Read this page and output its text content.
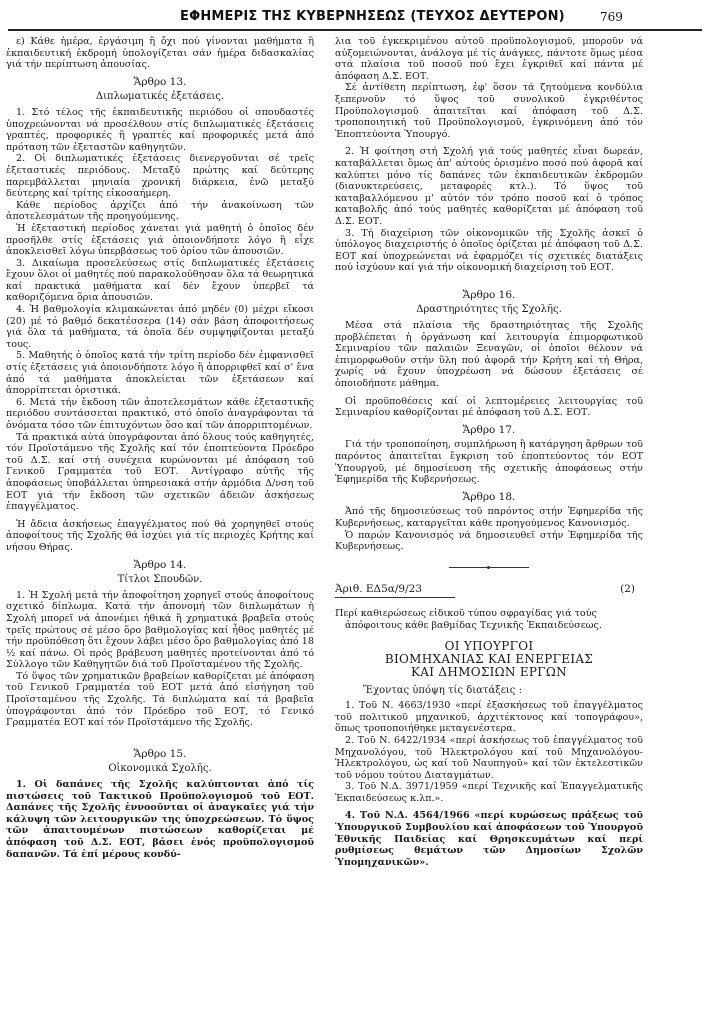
ΕΦΗΜΕΡΙΣ ΤΗΣ ΚΥΒΕΡΝΗΣΕΩΣ (ΤΕΥΧΟΣ ΔΕΥΤΕΡΟΝ)	769

ε) Κάθε ἡμέρα, ἐργάσιμη ἢ ὄχι πού γίνονται μαθήματα ἢ ἐκπαιδευτική ἐκδρομή ὑπολογίζεται σάν ἡμέρα διδασκαλίας γιά τήν περίπτωση ἀπουσίας.

Ἄρθρο 13.
Διπλωματικές ἐξετάσεις.

1. Στό τέλος τῆς ἐκπαιδευτικῆς περιόδου οἱ σπουδαστές ὑποχρεώνονται νά προσέλθουν στίς διπλωματικές ἐξετάσεις γραπτές, προφορικές ἢ γραπτές καί προφορικές μετά ἀπό πρόταση τῶν ἐξεταστῶν καθηγητῶν.

2. Οἱ διπλωματικές ἐξετάσεις διενεργοῦνται σέ τρεῖς ἐξεταστικές περιόδους. Μεταξύ πρώτης καί δεύτερης παρεμβάλλεται μηνιαία χρονική διάρκεια, ἐνῶ μεταξύ δεύτερης καί τρίτης εἰκοσαήμερη.

Κάθε περίοδος ἀρχίζει ἀπό τήν ἀνακοίνωση τῶν ἀποτελεσμάτων τῆς προηγούμενης.

Ἡ ἐξεταστική περίοδος χάνεται γιά μαθητή ὁ ὁποῖος δέν προσῆλθε στίς ἐξετάσεις γιά ὁποιονδήποτε λόγο ἢ εἶχε ἀποκλεισθεῖ λόγω ὑπερβάσεως τοῦ ὁρίου τῶν ἀπουσιῶν.

3. Δικαίωμα προσελεύσεως στίς διπλωματικές ἐξετάσεις ἔχουν ὅλοι οἱ μαθητές πού παρακολούθησαν ὅλα τά θεωρητικά καί πρακτικά μαθήματα καί δέν ἔχουν ὑπερβεῖ τά καθοριζόμενα ὅρια ἀπουσιῶν.

4. Ἡ βαθμολογία κλιμακώνεται ἀπό μηδέν (0) μέχρι εἴκοσι (20) μέ τό βαθμό δεκατέσσερα (14) σάν βάση ἀποφοιτήσεως γιά ὅλα τά μαθήματα, τά ὁποῖα δέν συμψηφίζονται μεταξύ τους.

5. Μαθητής ὁ ὁποῖος κατά τήν τρίτη περίοδο δέν ἐμφανισθεῖ στίς ἐξετάσεις γιά ὁποιονδήποτε λόγο ἢ ἀπορριφθεῖ καί σ' ἕνα ἀπό τά μαθήματα ἀποκλείεται τῶν ἐξετάσεων καί ἀπορρίπτεται ὁριστικά.

6. Μετά τήν ἔκδοση τῶν ἀποτελεσμάτων κάθε ἐξεταστικῆς περιόδου συντάσσεται πρακτικό, στό ὁποῖο ἀναγράφονται τά ὀνόματα τόσο τῶν ἐπιτυχόντων ὅσο καί τῶν ἀπορριπτομένων.

Τά πρακτικά αὐτά ὑπογράφονται ἀπό ὅλους τούς καθηγητές, τόν Προϊστάμενο τῆς Σχολῆς καί τόν ἐποπτεύοντα Πρόεδρο τοῦ Δ.Σ. καί στή συνέχεια κυρώνονται μέ ἀπόφαση τοῦ Γενικοῦ Γραμματέα τοῦ ΕΟΤ. Ἀντίγραφο αὐτῆς τῆς ἀποφάσεως ὑποβάλλεται ὑπηρεσιακά στήν ἁρμόδια Δ/νση τοῦ ΕΟΤ γιά τήν ἔκδοση τῶν σχετικῶν ἀδειῶν ἀσκήσεως ἐπαγγέλματος.

Ἡ ἄδεια ἀσκήσεως ἐπαγγέλματος πού θά χορηγηθεῖ στούς ἀποφοίτους τῆς Σχολῆς θά ἰσχύει γιά τίς περιοχές Κρήτης καί νήσου Θήρας.

Ἄρθρο 14.
Τίτλοι Σπουδῶν.

1. Ἡ Σχολή μετά τήν ἀποφοίτηση χορηγεῖ στούς ἀποφοίτους σχετικό δίπλωμα. Κατά τήν ἀπονομή τῶν διπλωμάτων ἡ Σχολή μπορεῖ νά ἀπονέμει ἠθικά ἢ χρηματικά βραβεῖα στούς τρεῖς πρώτους σέ μέσο ὅρο βαθμολογίας καί ἦθος μαθητές μέ τήν προϋπόθεση ὅτι ἔχουν λάβει μέσο ὅρο βαθμολογίας ἀπό 18 ½ καί πάνω. Οἱ πρός βράβευση μαθητές προτείνονται ἀπό τό Σύλλογο τῶν Καθηγητῶν διά τοῦ Προϊσταμένου τῆς Σχολῆς.

Τό ὕψος τῶν χρηματικῶν βραβείων καθορίζεται μέ ἀπόφαση τοῦ Γενικοῦ Γραμματέα τοῦ ΕΟΤ μετά ἀπό εἰσήγηση τοῦ Προϊσταμένου τῆς Σχολῆς. Τά διπλώματα καί τά βραβεῖα ὑπογράφονται ἀπό τόν Πρόεδρο τοῦ ΕΟΤ, τό Γενικό Γραμματέα ΕΟΤ καί τόν Προϊστάμενο τῆς Σχολῆς.

Ἄρθρο 15.
Οἰκονομικά Σχολῆς.

1. Οἱ δαπάνες τῆς Σχολῆς καλύπτονται ἀπό τίς πιστώσεις τοῦ Τακτικοῦ Προϋπολογισμοῦ τοῦ ΕΟΤ. Δαπάνες τῆς Σχολῆς ἐννοοῦνται οἱ ἀναγκαῖες γιά τήν κάλυψη τῶν λειτουργικῶν της ὑποχρεώσεων. Τό ὕψος τῶν ἀπαιτουμένων πιστώσεων καθορίζεται μέ ἀπόφαση τοῦ Δ.Σ. ΕΟΤ, βάσει ἑνός προϋπολογισμοῦ δαπανῶν. Τά ἐπί μέρους κονδύ-

λια τοῦ ἐγκεκριμένου αὐτοῦ προϋπολογισμοῦ, μποροῦν νά αὐξομειώνονται, ἀνάλογα μέ τίς ἀνάγκες, πάντοτε ὅμως μέσα στά πλαίσια τοῦ ποσοῦ πού ἔχει ἐγκριθεῖ καί πάντα μέ ἀπόφαση Δ.Σ. ΕΟΤ.

Σέ ἀντίθετη περίπτωση, ἐφ' ὅσον τά ζητούμενα κονδύλια ξεπερνοῦν τό ὕψος τοῦ συνολικοῦ ἐγκριθέντος Προϋπολογισμοῦ ἀπαιτεῖται καί ἀπόφαση τοῦ Δ.Σ. τροποποιητική τοῦ Προϋπολογισμοῦ, ἐγκρινόμενη ἀπό τόν Ἐποπτεύοντα Ὑπουργό.

2. Ἡ φοίτηση στή Σχολή γιά τούς μαθητές εἶναι δωρεάν, καταβάλλεται ὅμως ἀπ' αὐτούς ὁρισμένο ποσό πού ἀφορᾶ καί καλύπτει μόνο τίς δαπάνες τῶν ἐκπαιδευτικῶν ἐκδρομῶν (διανυκτερεύσεις, μεταφορές κτλ.). Τό ὕψος τοῦ καταβαλλόμενου μ' αὐτόν τόν τρόπο ποσοῦ καί ὁ τρόπος καταβολῆς ἀπό τούς μαθητές καθορίζεται μέ ἀπόφαση τοῦ Δ.Σ. ΕΟΤ.

3. Τή διαχείριση τῶν οἰκονομικῶν τῆς Σχολῆς ἀσκεῖ ὁ ὑπόλογος διαχειριστής ὁ ὁποῖος ὁρίζεται μέ ἀπόφαση τοῦ Δ.Σ. ΕΟΤ καί ὑποχρεώνεται νά ἐφαρμόζει τίς σχετικές διατάξεις πού ἰσχύουν καί γιά τήν οἰκονομική διαχείριση τοῦ ΕΟΤ.

Ἄρθρο 16.
Δραστηριότητες τῆς Σχολῆς.

Μέσα στά πλαίσια τῆς δραστηριότητας τῆς Σχολῆς προβλέπεται ἡ ὀργάνωση καί λειτουργία ἐπιμορφωτικοῦ Σεμιναρίου τῶν παλαιῶν Ξεναγῶν, οἱ ὁποῖοι θέλουν νά ἐπιμορφωθοῦν στήν ὕλη πού ἀφορᾶ τήν Κρήτη καί τή Θήρα, χωρίς νά ἔχουν ὑποχρέωση νά δώσουν ἐξετάσεις σέ ὁποιοδήποτε μάθημα.

Οἱ προϋποθέσεις καί οἱ λεπτομέρειες λειτουργίας τοῦ Σεμιναρίου καθορίζονται μέ ἀπόφαση τοῦ Δ.Σ. ΕΟΤ.

Ἄρθρο 17.

Γιά τήν τροποποίηση, συμπλήρωση ἢ κατάργηση ἄρθρων τοῦ παρόντος ἀπαιτεῖται ἔγκριση τοῦ ἐποπτεύοντος τόν ΕΟΤ Ὑπουργοῦ, μέ δημοσίευση τῆς σχετικῆς ἀποφάσεως στήν Ἐφημερίδα τῆς Κυβερνήσεως.

Ἄρθρο 18.

Ἀπό τῆς δημοσιεύσεως τοῦ παρόντος στήν Ἐφημερίδα τῆς Κυβερνήσεως, καταργεῖται κάθε προηγούμενος Κανονισμός.

Ὁ παρών Κανονισμός νά δημοσιευθεῖ στήν Ἐφημερίδα τῆς Κυβερνήσεως.

Ἀριθ. ΕΔ5α/9/23	(2)
Περί καθιερώσεως εἰδικοῦ τύπου σφραγίδας γιά τούς
ἀπόφοιτους κάθε βαθμίδας Τεχνικῆς Ἐκπαιδεύσεως.
ΟΙ ΥΠΟΥΡΓΟΙ
ΒΙΟΜΗΧΑΝΙΑΣ ΚΑΙ ΕΝΕΡΓΕΙΑΣ
ΚΑΙ ΔΗΜΟΣΙΩΝ ΕΡΓΩΝ

Ἔχοντας ὑπόψη τίς διατάξεις :

1. Τοῦ Ν. 4663/1930 «περί ἐξασκήσεως τοῦ ἐπαγγέλματος τοῦ πολιτικοῦ μηχανικοῦ, ἀρχιτέκτονος καί τοπογράφου», ὅπως τροποποιήθηκε μεταγενέστερα.

2. Τοῦ Ν. 6422/1934 «περί ἀσκήσεως τοῦ ἐπαγγέλματος τοῦ Μηχανολόγου, τοῦ Ἠλεκτρολόγου καί τοῦ Μηχανολόγου-Ἠλεκτρολόγου, ὡς καί τοῦ Ναυπηγοῦ» καί τῶν ἐκτελεστικῶν τοῦ νόμου τούτου Διαταγμάτων.

3. Τοῦ Ν.Δ. 3971/1959 «περί Τεχνικῆς καί Ἐπαγγελματικῆς Ἐκπαιδεύσεως κ.λπ.».

4. Τοῦ Ν.Δ. 4564/1966 «περί κυρώσεως πράξεως τοῦ Ὑπουργικοῦ Συμβουλίου καί ἀποφάσεων τοῦ Ὑπουργοῦ Ἐθνικῆς Παιδείας καί Θρησκευμάτων καί περί ρυθμίσεως θεμάτων τῶν Δημοσίων Σχολῶν Ὑπομηχανικῶν».
